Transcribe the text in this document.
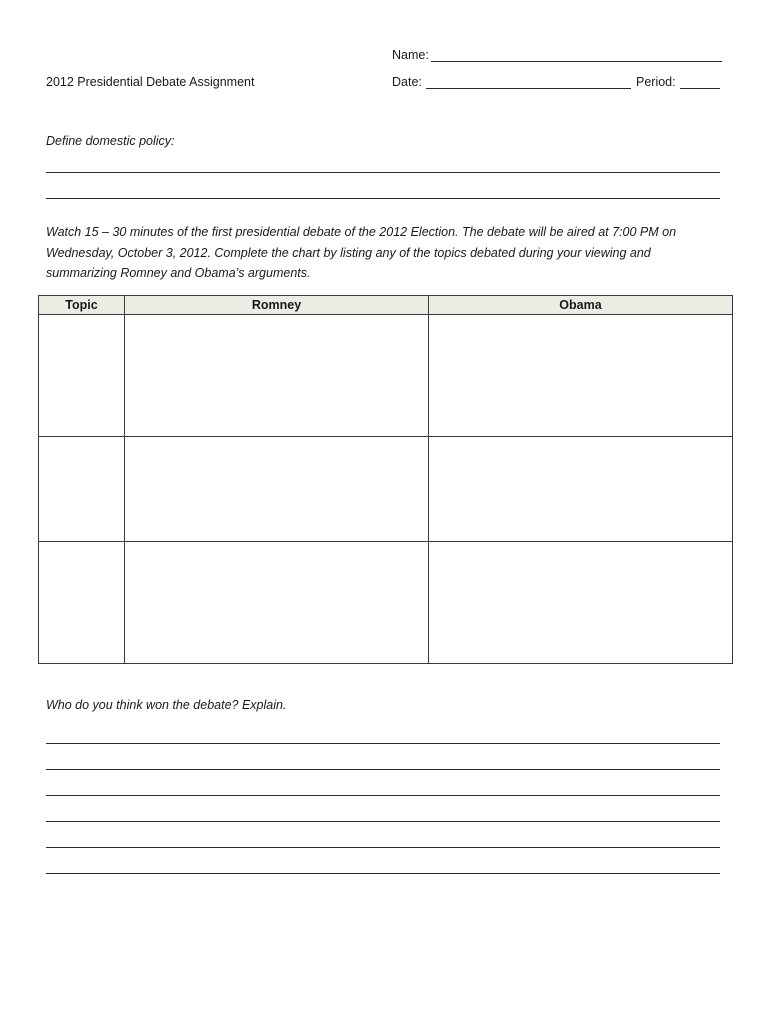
2012 Presidential Debate Assignment
Name:
Date:	Period:
Define domestic policy:
Watch 15 – 30 minutes of the first presidential debate of the 2012 Election. The debate will be aired at 7:00 PM on
Wednesday, October 3, 2012. Complete the chart by listing any of the topics debated during your viewing and
summarizing Romney and Obama’s arguments.
Topic	Romney	Obama

Who do you think won the debate? Explain.
